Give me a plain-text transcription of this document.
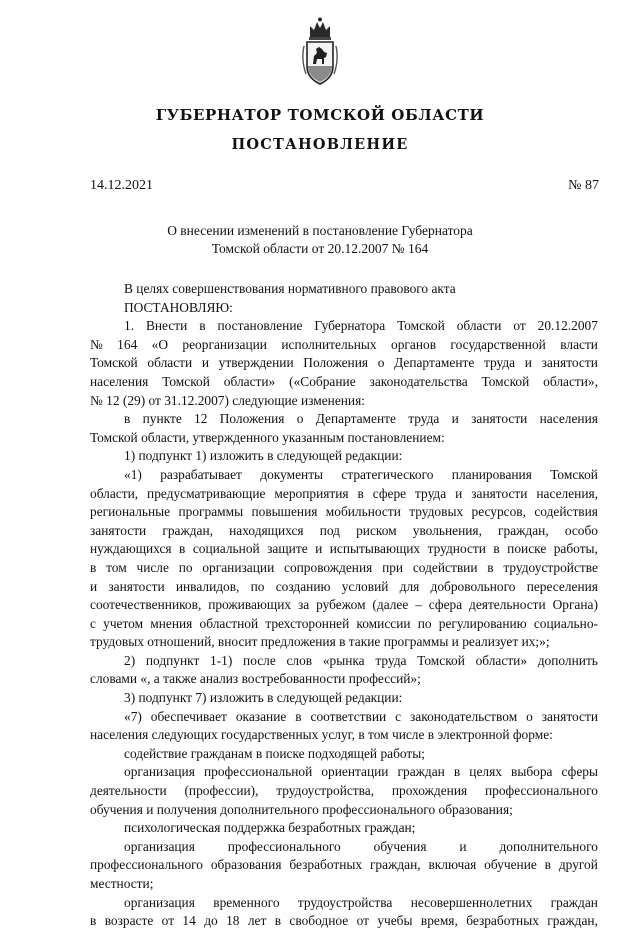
ГУБЕРНАТОР ТОМСКОЙ ОБЛАСТИ
ПОСТАНОВЛЕНИЕ
14.12.2021	№ 87
О внесении изменений в постановление Губернатора
Томской области от 20.12.2007 № 164
В целях совершенствования нормативного правового акта
ПОСТАНОВЛЯЮ:
1. Внести в постановление Губернатора Томской области от 20.12.2007
№ 164 «О реорганизации исполнительных органов государственной власти
Томской области и утверждении Положения о Департаменте труда и занятости
населения Томской области» («Собрание законодательства Томской области»,
№ 12 (29) от 31.12.2007) следующие изменения:
в пункте 12 Положения о Департаменте труда и занятости населения
Томской области, утвержденного указанным постановлением:
1) подпункт 1) изложить в следующей редакции:
«1) разрабатывает документы стратегического планирования Томской
области, предусматривающие мероприятия в сфере труда и занятости населения,
региональные программы повышения мобильности трудовых ресурсов, содействия
занятости граждан, находящихся под риском увольнения, граждан, особо
нуждающихся в социальной защите и испытывающих трудности в поиске работы,
в том числе по организации сопровождения при содействии в трудоустройстве
и занятости инвалидов, по созданию условий для добровольного переселения
соотечественников, проживающих за рубежом (далее – сфера деятельности Органа)
с учетом мнения областной трехсторонней комиссии по регулированию социально-
трудовых отношений, вносит предложения в такие программы и реализует их;»;
2) подпункт 1-1) после слов «рынка труда Томской области» дополнить
словами «, а также анализ востребованности профессий»;
3) подпункт 7) изложить в следующей редакции:
«7) обеспечивает оказание в соответствии с законодательством о занятости
населения следующих государственных услуг, в том числе в электронной форме:
содействие гражданам в поиске подходящей работы;
организация профессиональной ориентации граждан в целях выбора сферы
деятельности (профессии), трудоустройства, прохождения профессионального
обучения и получения дополнительного профессионального образования;
психологическая поддержка безработных граждан;
организация профессионального обучения и дополнительного
профессионального образования безработных граждан, включая обучение в другой
местности;
организация временного трудоустройства несовершеннолетних граждан
в возрасте от 14 до 18 лет в свободное от учебы время, безработных граждан,
